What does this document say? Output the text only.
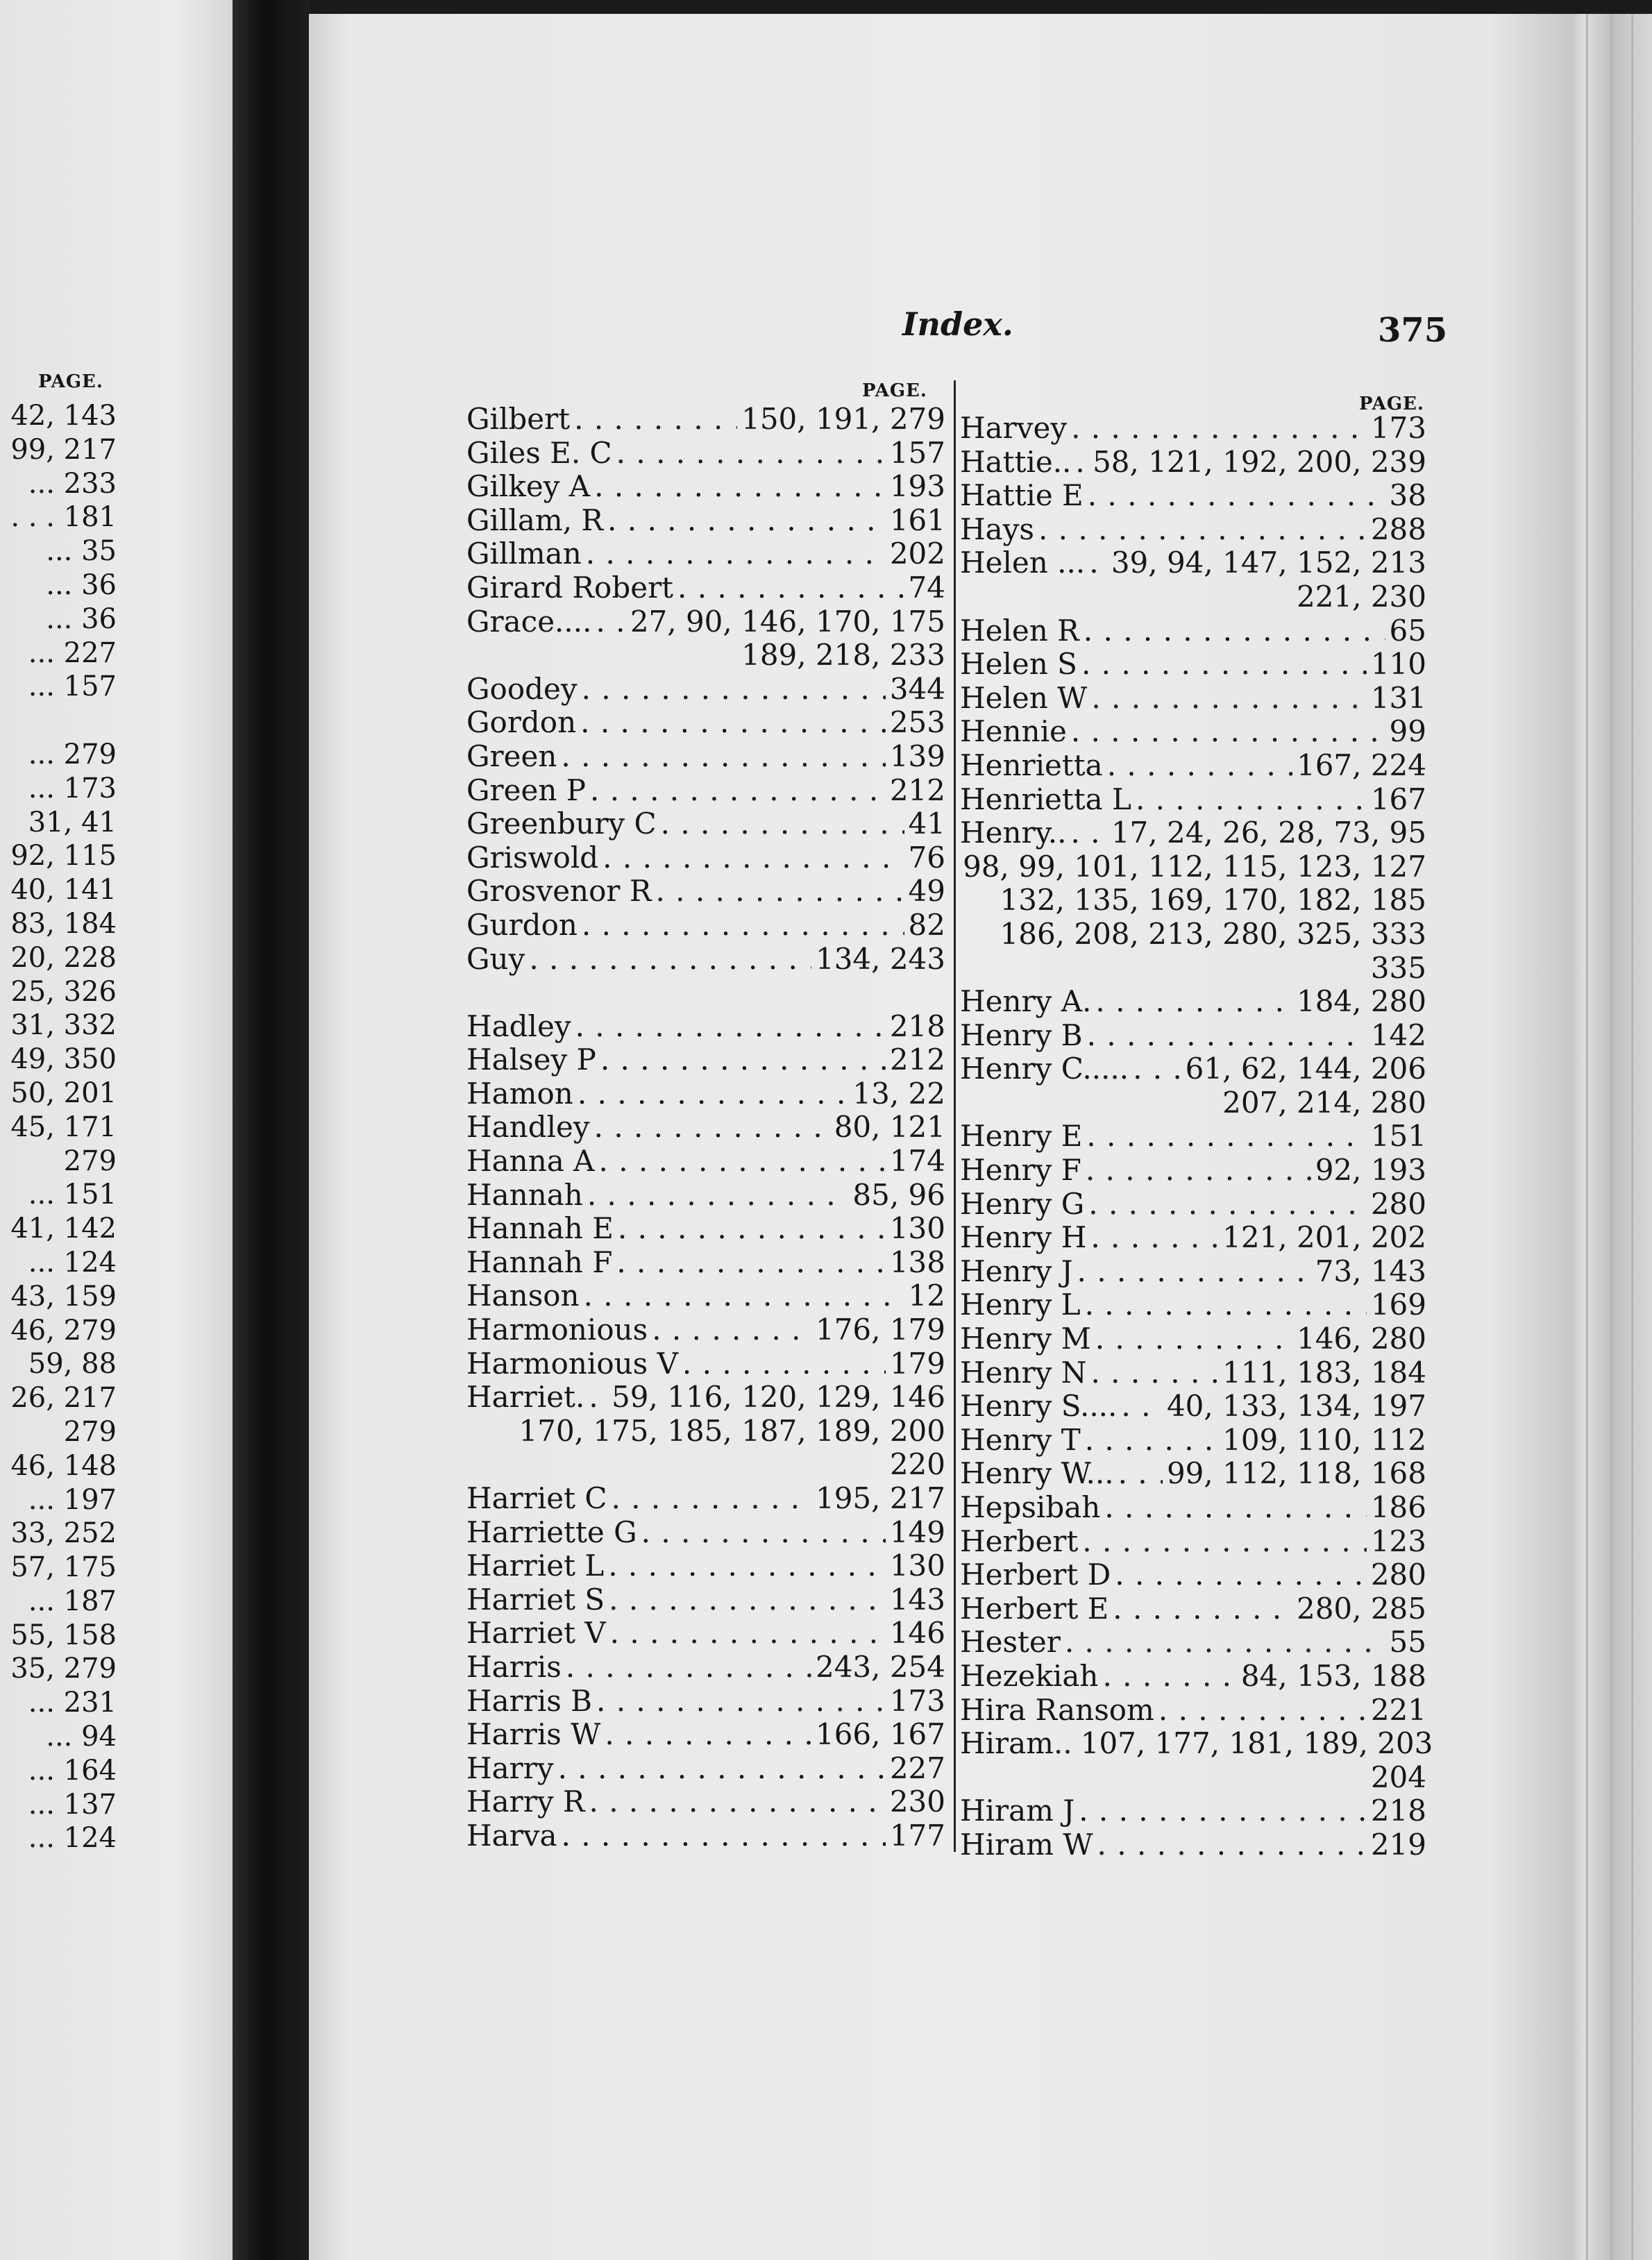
PAGE.
42, 143
99, 217
... 233
. . . 181
... 35
... 36
... 36
... 227
... 157
... 279
... 173
31, 41
92, 115
40, 141
83, 184
20, 228
25, 326
31, 332
49, 350
50, 201
45, 171
279
... 151
41, 142
... 124
43, 159
46, 279
59, 88
26, 217
279
46, 148
... 197
33, 252
57, 175
... 187
55, 158
35, 279
... 231
... 94
... 164
... 137
... 124
Index.	375
PAGE.
PAGE.
Gilbert . . .	150, 191, 279
Giles E. C . . .	157
Gilkey A . . .	193
Gillam, R . . .	161
Gillman . . .	202
Girard Robert . . .	74
Grace.... . . . 27, 90, 146, 170, 175
189, 218, 233
Goodey . . .	344
Gordon . . .	253
Green . . .	139
Green P . . .	212
Greenbury C . . .	41
Griswold . . .	76
Grosvenor R . . .	49
Gurdon . . .	82
Guy . . .	134, 243
Hadley . . .	218
Halsey P . . .	212
Hamon . . .	13, 22
Handley . . .	80, 121
Hanna A . . .	174
Hannah . . .	85, 96
Hannah E . . .	130
Hannah F . . .	138
Hanson . . .	12
Harmonious . . .	176, 179
Harmonious V . . .	179
Harriet. . . . 59, 116, 120, 129, 146
170, 175, 185, 187, 189, 200
220
Harriet C . . .	195, 217
Harriette G . . .	149
Harriet L . . .	130
Harriet S . . .	143
Harriet V . . .	146
Harris . . .	243, 254
Harris B . . .	173
Harris W . . .	166, 167
Harry . . .	227
Harry R . . .	230
Harva . . .	177
Harvey . . .	173
Hattie.. . . . 58, 121, 192, 200, 239
Hattie E . . .	38
Hays . . .	288
Helen ... . . . 39, 94, 147, 152, 213
221, 230
Helen R . . .	65
Helen S . . .	110
Helen W . . .	131
Hennie . . .	99
Henrietta . . .	167, 224
Henrietta L . . .	167
Henry.. . . . 17, 24, 26, 28, 73, 95
98, 99, 101, 112, 115, 123, 127
132, 135, 169, 170, 182, 185
186, 208, 213, 280, 325, 333
335
Henry A. . . .	184, 280
Henry B . . .	142
Henry C..... . . . 61, 62, 144, 206
207, 214, 280
Henry E . . .	151
Henry F . . .	92, 193
Henry G . . .	280
Henry H . . .	121, 201, 202
Henry J . . .	73, 143
Henry L . . .	169
Henry M . . .	146, 280
Henry N . . .	111, 183, 184
Henry S.... . . . 40, 133, 134, 197
Henry T . . .	109, 110, 112
Henry W... . . . 99, 112, 118, 168
Hepsibah . . .	186
Herbert . . .	123
Herbert D . . .	280
Herbert E . . .	280, 285
Hester . . .	55
Hezekiah . . .	84, 153, 188
Hira Ransom . . .	221
Hiram.. 107, 177, 181, 189, 203
204
Hiram J . . .	218
Hiram W . . .	219
